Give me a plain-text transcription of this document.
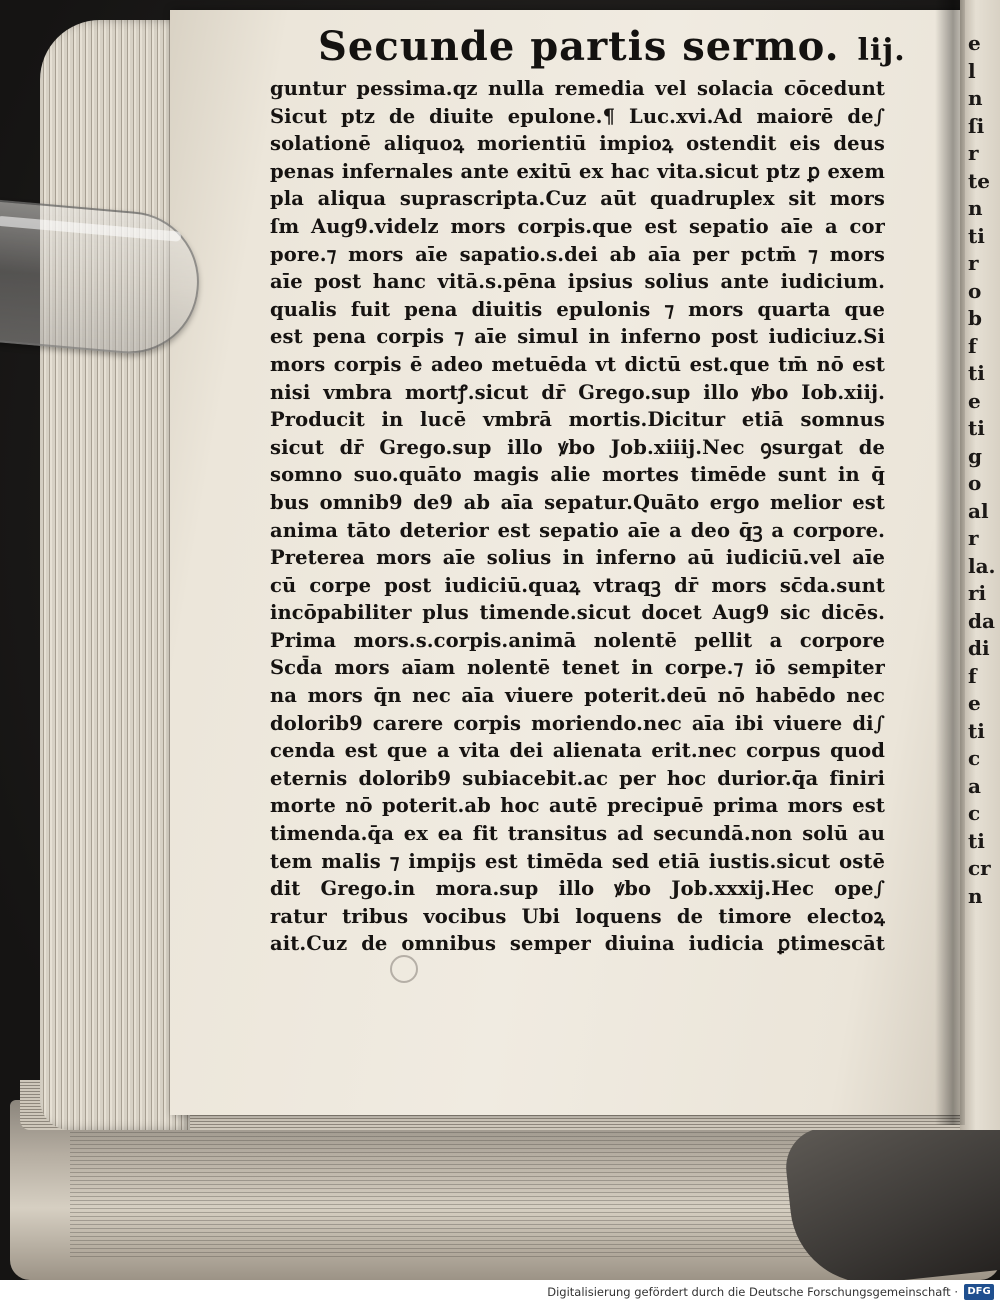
e
l
n
ſi
r
te
n
ti
r
o
b
f
ti
e
ti
g
o
al
r
la.
ri
da
di
f
e
ti
c
a
c
ti
cr
n
Secunde partis sermo. lij.
guntur pessima.qz nulla remedia vel solacia cōcedunt
Sicut ptz de diuite epulone.¶ Luc.xvi.Ad maiorē de∫
solationē aliquoꝝ morientiū impioꝝ ostendit eis deus
penas infernales ante exitū ex hac vita.sicut ptz ꝑ exem
pla aliqua suprascripta.Cuz aūt quadruplex sit mors
ſm Aug9.videlz mors corpis.que est sepatio aīe a cor
pore.⁊ mors aīe sapatio.s.dei ab aīa per pctm̄ ⁊ mors
aīe post hanc vitā.s.pēna ipsius solius ante iudicium.
qualis fuit pena diuitis epulonis ⁊ mors quarta que
est pena corpis ⁊ aīe simul in inferno post iudiciuz.Si
mors corpis ē adeo metuēda vt dictū est.que tm̄ nō est
nisi vmbra mortꝭ.sicut dr̄ Grego.sup illo ꝟbo Iob.xiij.
Producit in lucē vmbrā mortis.Dicitur etiā somnus
sicut dr̄ Grego.sup illo ꝟbo Job.xiiij.Nec ꝯsurgat de
somno suo.quāto magis alie mortes timēde sunt in q̄
bus omnib9 de9 ab aīa sepatur.Quāto ergo melior est
anima tāto deterior est sepatio aīe a deo q̄ꝫ a corpore.
Preterea mors aīe solius in inferno aū iudiciū.vel aīe
cū corpe post iudiciū.quaꝝ vtraqꝫ dr̄ mors sc̄da.sunt
incōpabiliter plus timende.sicut docet Aug9 sic dicēs.
Prima mors.s.corpis.animā nolentē pellit a corpore
Scd̄a mors aīam nolentē tenet in corpe.⁊ iō sempiter
na mors q̄n nec aīa viuere poterit.deū nō habēdo nec
dolorib9 carere corpis moriendo.nec aīa ibi viuere di∫
cenda est que a vita dei alienata erit.nec corpus quod
eternis dolorib9 subiacebit.ac per hoc durior.q̄a finiri
morte nō poterit.ab hoc autē precipuē prima mors est
timenda.q̄a ex ea fit transitus ad secundā.non solū au
tem malis ⁊ impijs est timēda sed etiā iustis.sicut ostē
dit Grego.in mora.sup illo ꝟbo Job.xxxij.Hec ope∫
ratur tribus vocibus Ubi loquens de timore electoꝝ
ait.Cuz de omnibus semper diuina iudicia ꝑtimescāt
Digitalisierung gefördert durch die Deutsche Forschungsgemeinschaft · DFG
